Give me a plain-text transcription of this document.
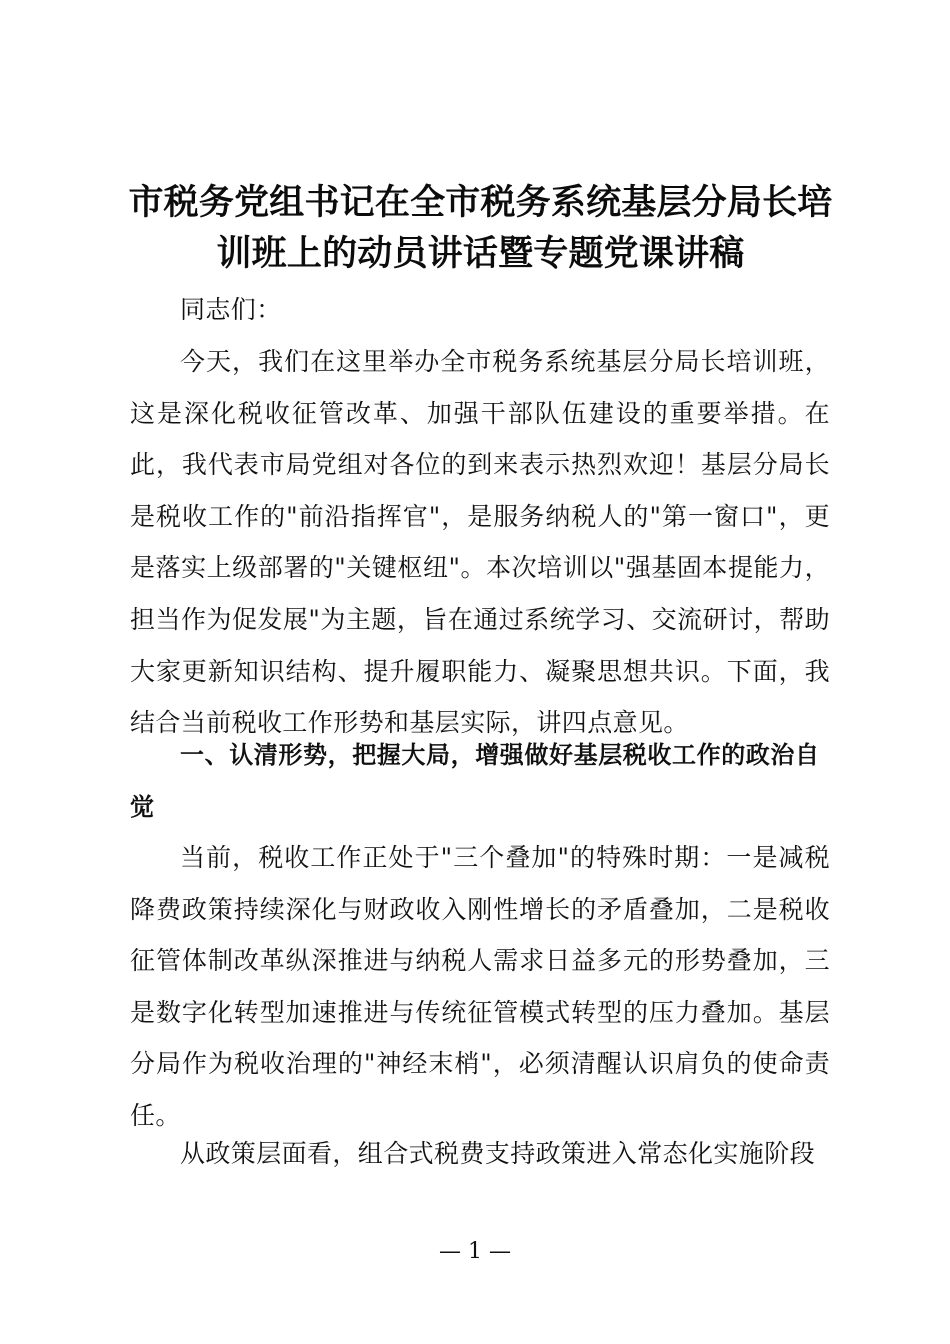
市税务党组书记在全市税务系统基层分局长培
训班上的动员讲话暨专题党课讲稿

同志们：

今天，我们在这里举办全市税务系统基层分局长培训班，这是深化税收征管改革、加强干部队伍建设的重要举措。在此，我代表市局党组对各位的到来表示热烈欢迎！基层分局长是税收工作的"前沿指挥官"，是服务纳税人的"第一窗口"，更是落实上级部署的"关键枢纽"。本次培训以"强基固本提能力，担当作为促发展"为主题，旨在通过系统学习、交流研讨，帮助大家更新知识结构、提升履职能力、凝聚思想共识。下面，我结合当前税收工作形势和基层实际，讲四点意见。

一、认清形势，把握大局，增强做好基层税收工作的政治自觉

当前，税收工作正处于"三个叠加"的特殊时期：一是减税降费政策持续深化与财政收入刚性增长的矛盾叠加，二是税收征管体制改革纵深推进与纳税人需求日益多元的形势叠加，三是数字化转型加速推进与传统征管模式转型的压力叠加。基层分局作为税收治理的"神经末梢"，必须清醒认识肩负的使命责任。

从政策层面看，组合式税费支持政策进入常态化实施阶段

— 1 —
